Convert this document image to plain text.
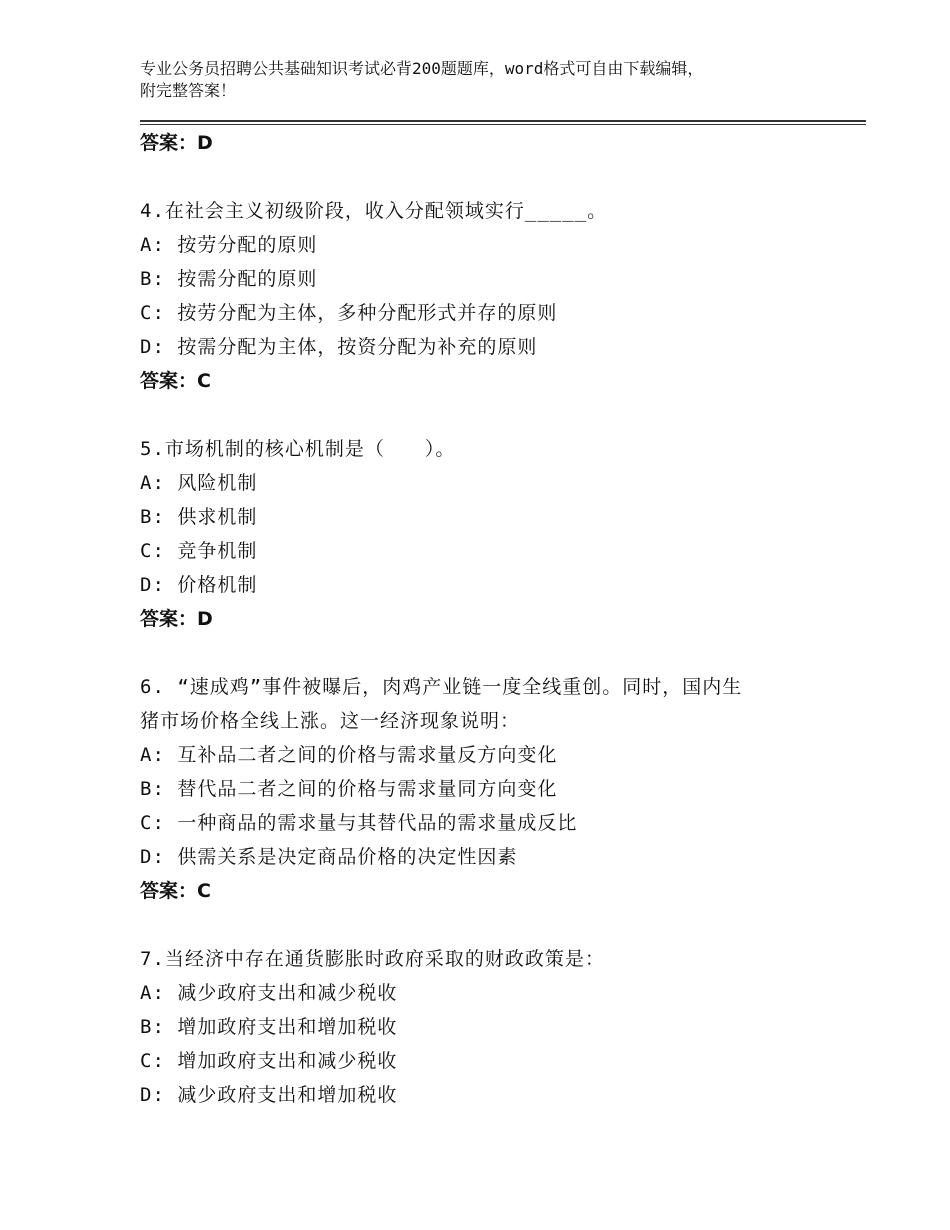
专业公务员招聘公共基础知识考试必背200题题库，word格式可自由下载编辑，
附完整答案！
答案：D
4.在社会主义初级阶段，收入分配领域实行_____。
A: 按劳分配的原则
B: 按需分配的原则
C: 按劳分配为主体，多种分配形式并存的原则
D: 按需分配为主体，按资分配为补充的原则
答案：C
5.市场机制的核心机制是（　　）。
A: 风险机制
B: 供求机制
C: 竞争机制
D: 价格机制
答案：D
6. “速成鸡”事件被曝后，肉鸡产业链一度全线重创。同时，国内生
猪市场价格全线上涨。这一经济现象说明：
A: 互补品二者之间的价格与需求量反方向变化
B: 替代品二者之间的价格与需求量同方向变化
C: 一种商品的需求量与其替代品的需求量成反比
D: 供需关系是决定商品价格的决定性因素
答案：C
7.当经济中存在通货膨胀时政府采取的财政政策是：
A: 减少政府支出和减少税收
B: 增加政府支出和增加税收
C: 增加政府支出和减少税收
D: 减少政府支出和增加税收
